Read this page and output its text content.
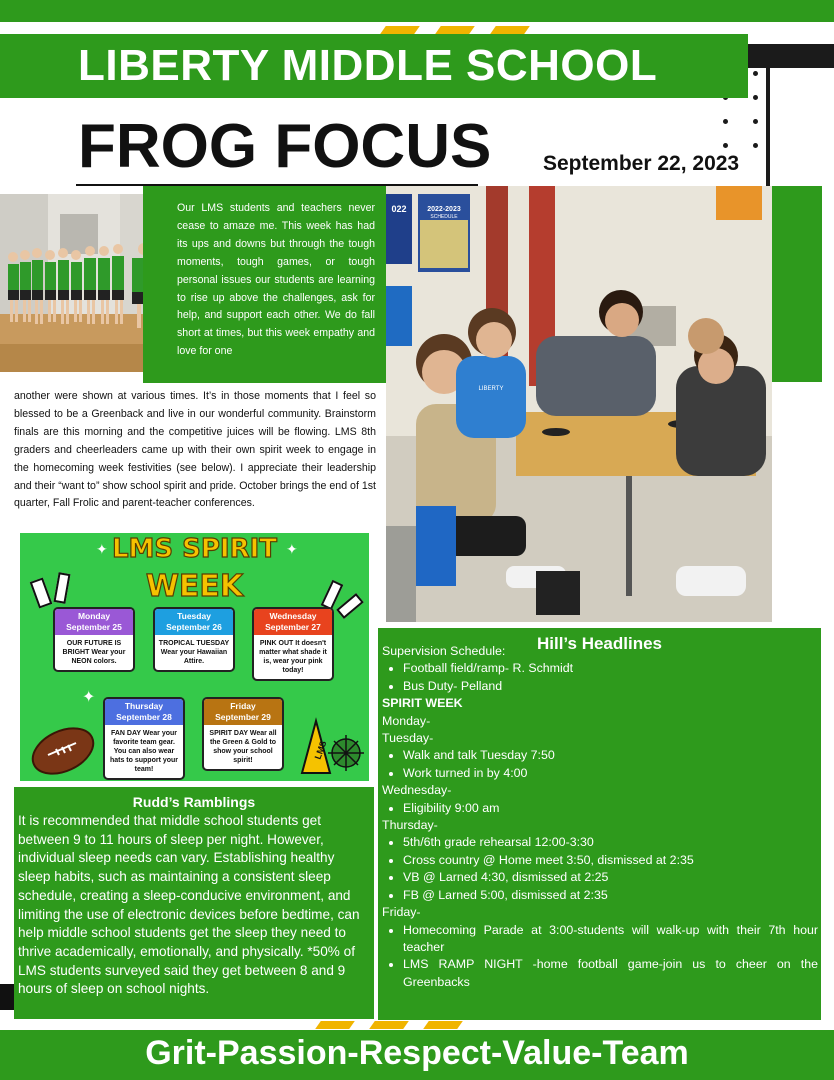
LIBERTY MIDDLE SCHOOL
FROG FOCUS September 22, 2023
Our LMS students and teachers never cease to amaze me. This week has had its ups and downs but through the tough moments, tough games, or tough personal issues our students are learning to rise up above the challenges, ask for help, and support each other. We do fall short at times, but this week empathy and love for one
another were shown at various times. It’s in those moments that I feel so blessed to be a Greenback and live in our wonderful community. Brainstorm finals are this morning and the competitive juices will be flowing. LMS 8th graders and cheerleaders came up with their own spirit week to engage in the homecoming week festivities (see below). I appreciate their leadership and their “want to” show school spirit and pride. October brings the end of 1st quarter, Fall Frolic and parent-teacher conferences.
2022-2023
SCHEDULE
022
LIBERTY
LMS SPIRIT
WEEK
✦	✦
✦
Monday
September 25
OUR FUTURE IS BRIGHT Wear your NEON colors.
Tuesday
September 26
TROPICAL TUESDAY Wear your Hawaiian Attire.
Wednesday
September 27
PINK OUT It doesn't matter what shade it is, wear your pink today!
Thursday
September 28
FAN DAY Wear your favorite team gear. You can also wear hats to support your team!
Friday
September 29
SPIRIT DAY Wear all the Green & Gold to show your school spirit!	LMS
Rudd’s Ramblings
It is recommended that middle school students get between 9 to 11 hours of sleep per night. However, individual sleep needs can vary. Establishing healthy sleep habits, such as maintaining a consistent sleep schedule, creating a sleep-conducive environment, and limiting the use of electronic devices before bedtime, can help middle school students get the sleep they need to thrive academically, emotionally, and physically. *50% of LMS students surveyed said they get between 8 and 9 hours of sleep on school nights.
Hill’s Headlines
Supervision Schedule:
• Football field/ramp- R. Schmidt
• Bus Duty- Pelland
SPIRIT WEEK
Monday-
Tuesday-
• Walk and talk Tuesday 7:50
• Work turned in by 4:00
Wednesday-
• Eligibility 9:00 am
Thursday-
• 5th/6th grade rehearsal 12:00-3:30
• Cross country @ Home meet 3:50, dismissed at 2:35
• VB @ Larned 4:30, dismissed at 2:25
• FB @ Larned 5:00, dismissed at 2:35
Friday-
• Homecoming Parade at 3:00-students will walk-up with their 7th hour teacher
• LMS RAMP NIGHT -home football game-join us to cheer on the Greenbacks
Grit-Passion-Respect-Value-Team
